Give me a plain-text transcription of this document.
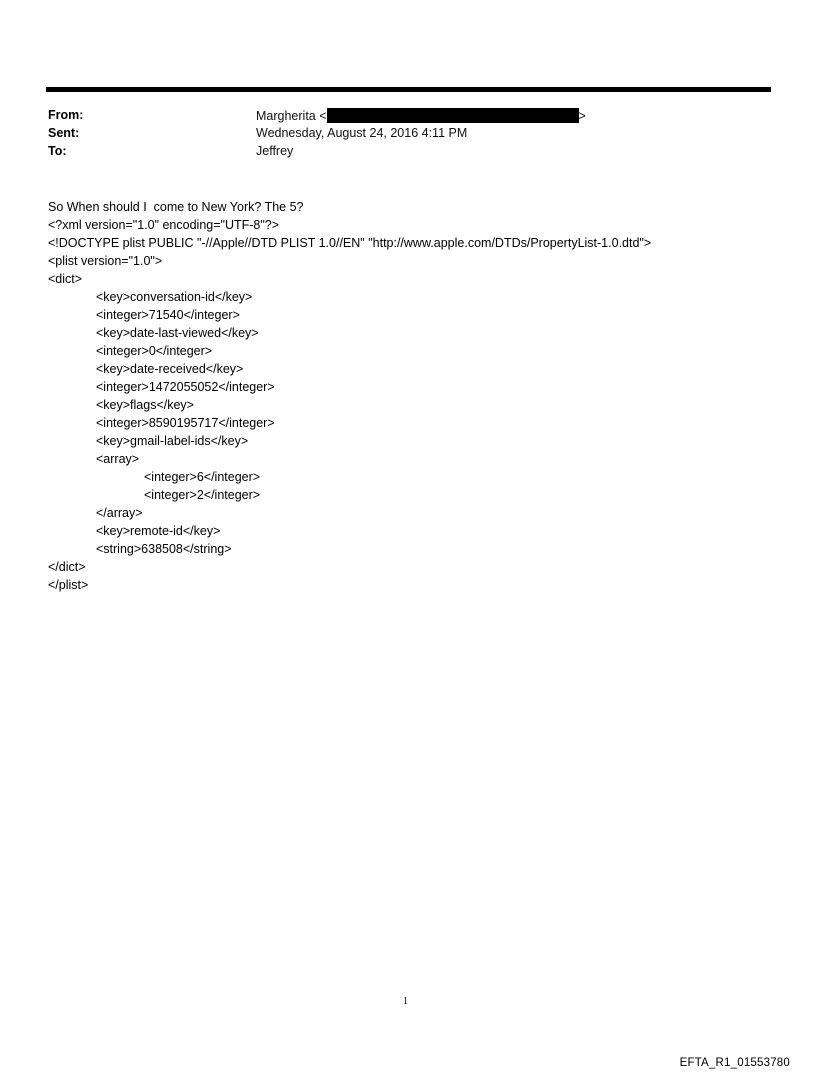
From:	Margherita <	>
Sent:	Wednesday, August 24, 2016 4:11 PM
To:	Jeffrey
So When should I  come to New York? The 5?
<?xml version="1.0" encoding="UTF-8"?>
<!DOCTYPE plist PUBLIC "-//Apple//DTD PLIST 1.0//EN" "http://www.apple.com/DTDs/PropertyList-1.0.dtd">
<plist version="1.0">
<dict>
<key>conversation-id</key>
<integer>71540</integer>
<key>date-last-viewed</key>
<integer>0</integer>
<key>date-received</key>
<integer>1472055052</integer>
<key>flags</key>
<integer>8590195717</integer>
<key>gmail-label-ids</key>
<array>
<integer>6</integer>
<integer>2</integer>
</array>
<key>remote-id</key>
<string>638508</string>
</dict>
</plist>
1
EFTA_R1_01553780
